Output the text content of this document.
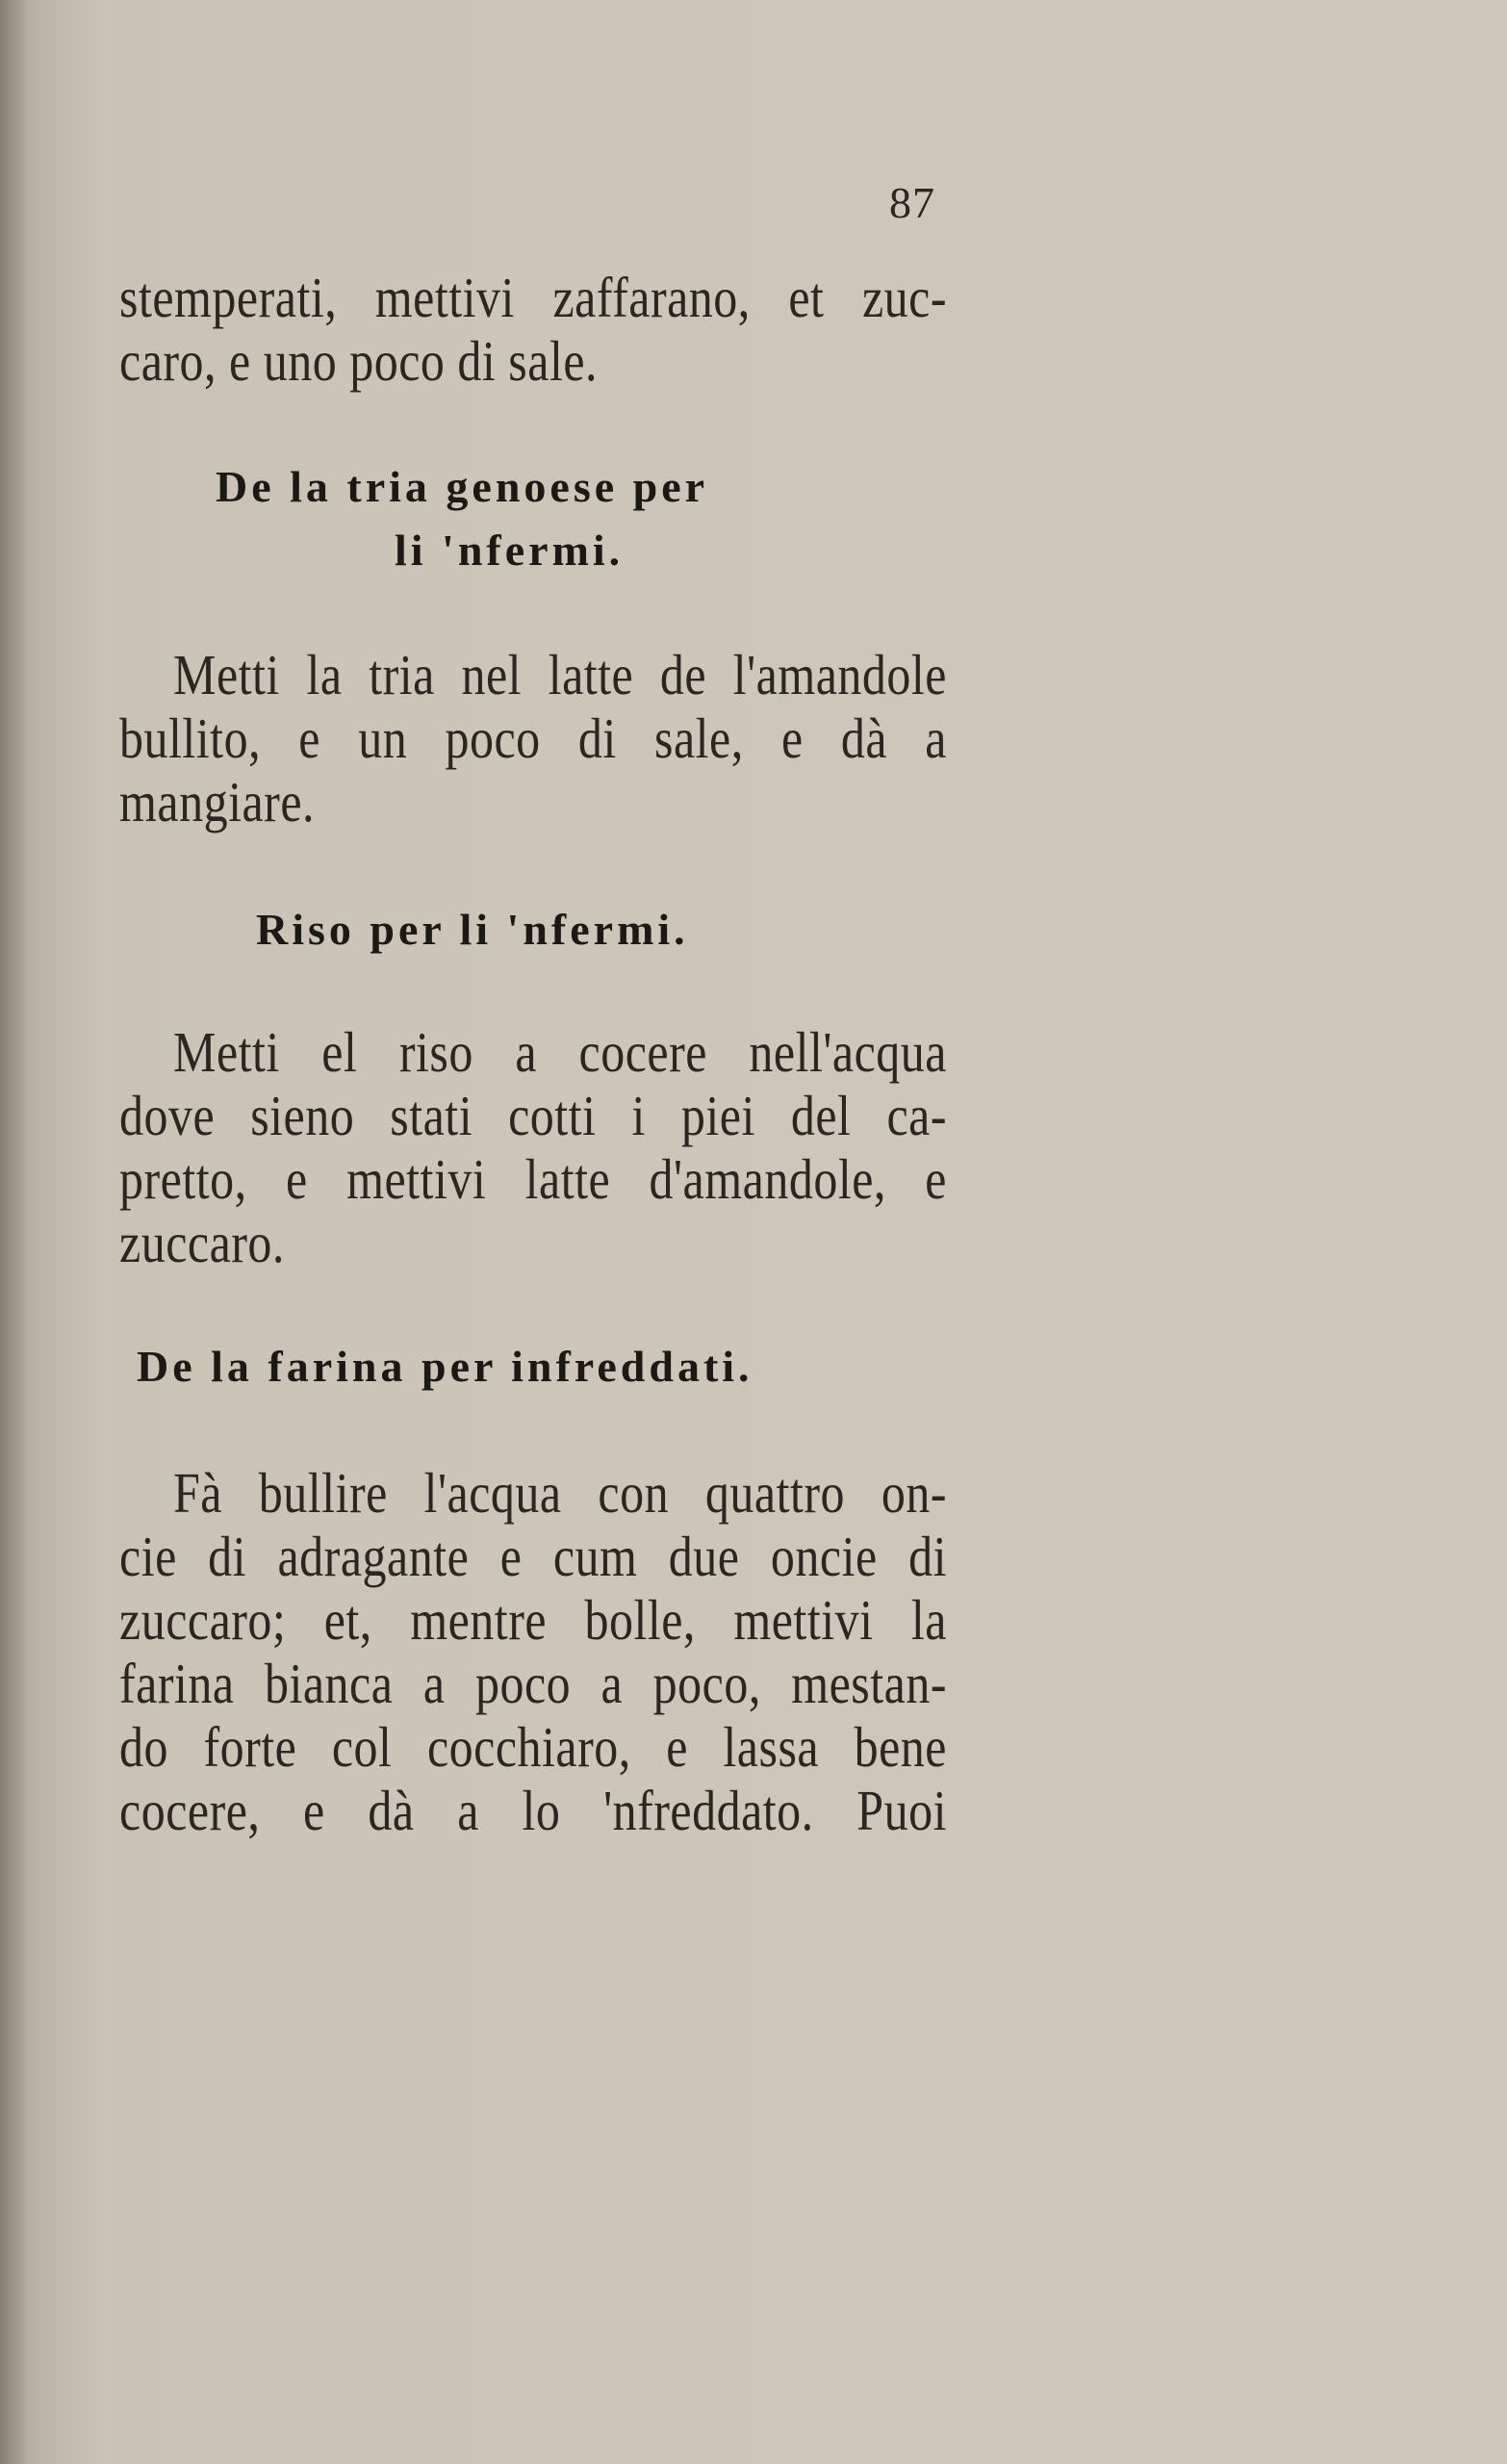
87
stemperati, mettivi zaffarano, et zuc-
caro, e uno poco di sale.
De la tria genoese per
li 'nfermi.
Metti la tria nel latte de l'amandole
bullito, e un poco di sale, e dà a
mangiare.
Riso per li 'nfermi.
Metti el riso a cocere nell'acqua
dove sieno stati cotti i piei del ca-
pretto, e mettivi latte d'amandole, e
zuccaro.
De la farina per infreddati.
Fà bullire l'acqua con quattro on-
cie di adragante e cum due oncie di
zuccaro; et, mentre bolle, mettivi la
farina bianca a poco a poco, mestan-
do forte col cocchiaro, e lassa bene
cocere, e dà a lo 'nfreddato. Puoi
